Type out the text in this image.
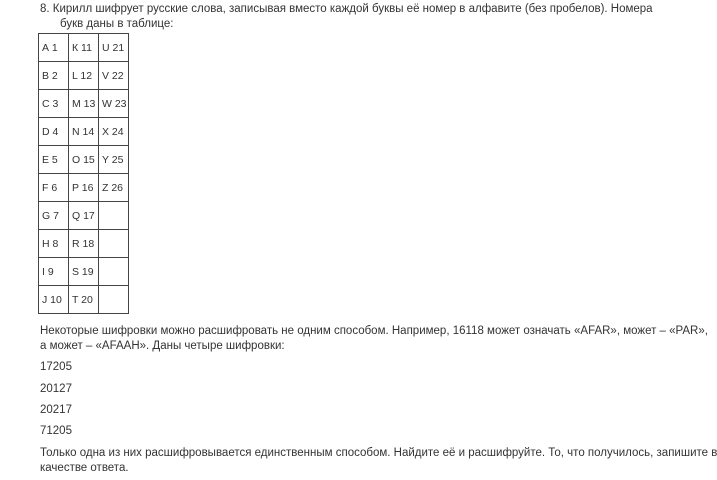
8. Кирилл шифрует русские слова, записывая вместо каждой буквы её номер в алфавите (без пробелов). Номера
букв даны в таблице:
А 1	К 11	U 21
В 2	L 12	V 22
С 3	M 13	W 23
D 4	N 14	X 24
Е 5	O 15	Y 25
F 6	P 16	Z 26
G 7	Q 17	
H 8	R 18	
I 9	S 19	
J 10	T 20	
Некоторые шифровки можно расшифровать не одним способом. Например, 16118 может означать «AFAR», может – «PAR»,
а может – «AFAAH». Даны четыре шифровки:
17205
20127
20217
71205
Только одна из них расшифровывается единственным способом. Найдите её и расшифруйте. То, что получилось, запишите в
качестве ответа.
